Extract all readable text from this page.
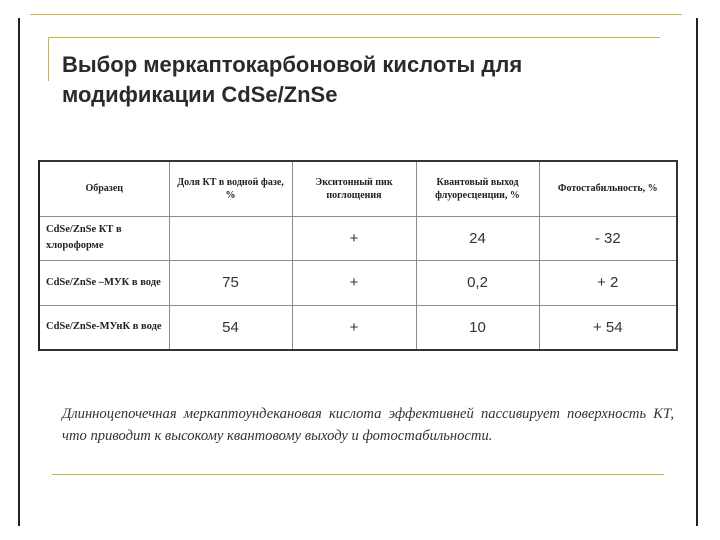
Выбор меркаптокарбоновой кислоты для модификации CdSe/ZnSe
Образец	Доля КТ в водной фазе, %	Экситонный пик поглощения	Квантовый выход флуоресценции, %	Фотостабильность, %
CdSe/ZnSe КТ в хлороформе		+	24	- 32
CdSe/ZnSe –МУК в воде	75	+	0,2	+ 2
CdSe/ZnSe-МУнК в воде	54	+	10	+ 54

Длинноцепочечная меркаптоундекановая кислота эффективней пассивирует поверхность КТ, что приводит к высокому квантовому выходу и фотостабильности.
